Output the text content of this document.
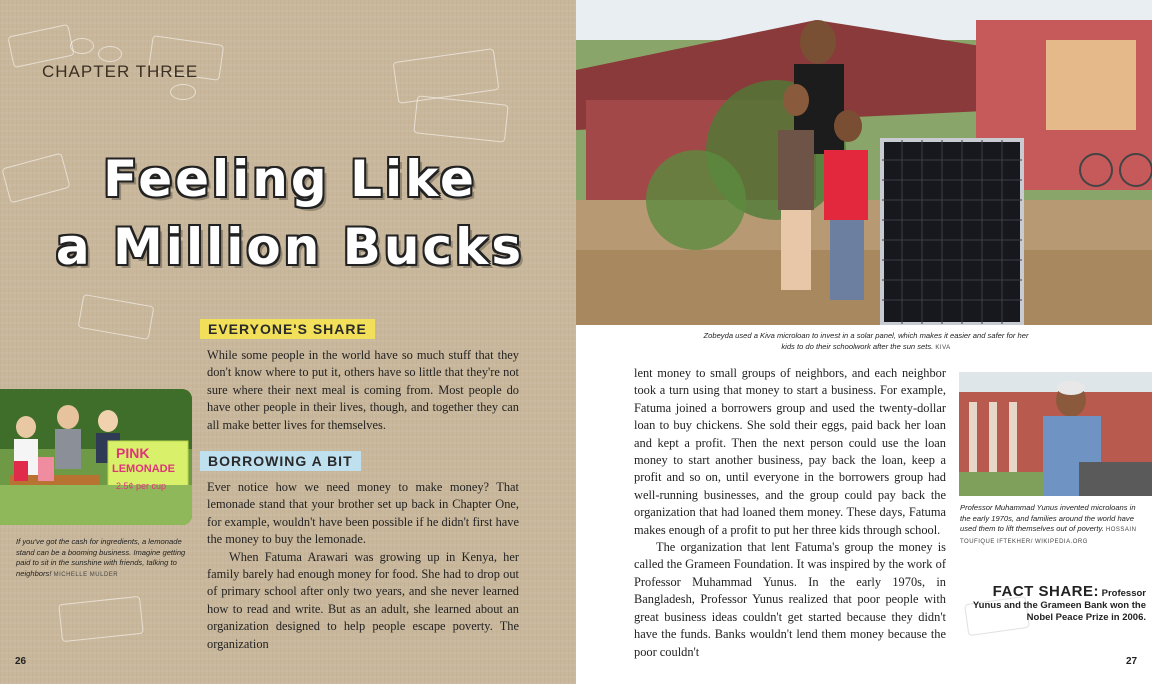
CHAPTER THREE
Feeling Like
a Million Bucks
EVERYONE'S SHARE

While some people in the world have so much stuff that they don't know where to put it, others have so little that they're not sure where their next meal is coming from. Most people do have other people in their lives, though, and together they can all make better lives for themselves.

BORROWING A BIT

Ever notice how we need money to make money? That lemonade stand that your brother set up back in Chapter One, for example, wouldn't have been possible if he didn't first have the money to buy the lemonade.

When Fatuma Arawari was growing up in Kenya, her family barely had enough money for food. She had to drop out of primary school after only two years, and she never learned how to read and write. But as an adult, she learned about an organization designed to help people escape poverty. The organization

PINK
LEMONADE
2.5¢ per cup
If you've got the cash for ingredients, a lemonade stand can be a booming business. Imagine getting paid to sit in the sunshine with friends, talking to neighbors! MICHELLE MULDER
26
Zobeyda used a Kiva microloan to invest in a solar panel, which makes it easier and safer for her kids to do their schoolwork after the sun sets. KIVA

lent money to small groups of neighbors, and each neighbor took a turn using that money to start a business. For example, Fatuma joined a borrowers group and used the twenty-dollar loan to buy chickens. She sold their eggs, paid back her loan and kept a profit. Then the next person could use the loan money to start another business, pay back the loan, keep a profit and so on, until everyone in the borrowers group had well-running businesses, and the group could pay back the organization that had loaned them money. These days, Fatuma makes enough of a profit to put her three kids through school.

The organization that lent Fatuma's group the money is called the Grameen Foundation. It was inspired by the work of Professor Muhammad Yunus. In the early 1970s, in Bangladesh, Professor Yunus realized that poor people with great business ideas couldn't get started because they didn't have the funds. Banks wouldn't lend them money because the poor couldn't

Professor Muhammad Yunus invented microloans in the early 1970s, and families around the world have used them to lift themselves out of poverty. HOSSAIN TOUFIQUE IFTEKHER/ WIKIPEDIA.ORG
FACT SHARE: Professor Yunus and the Grameen Bank won the Nobel Peace Prize in 2006.
27
